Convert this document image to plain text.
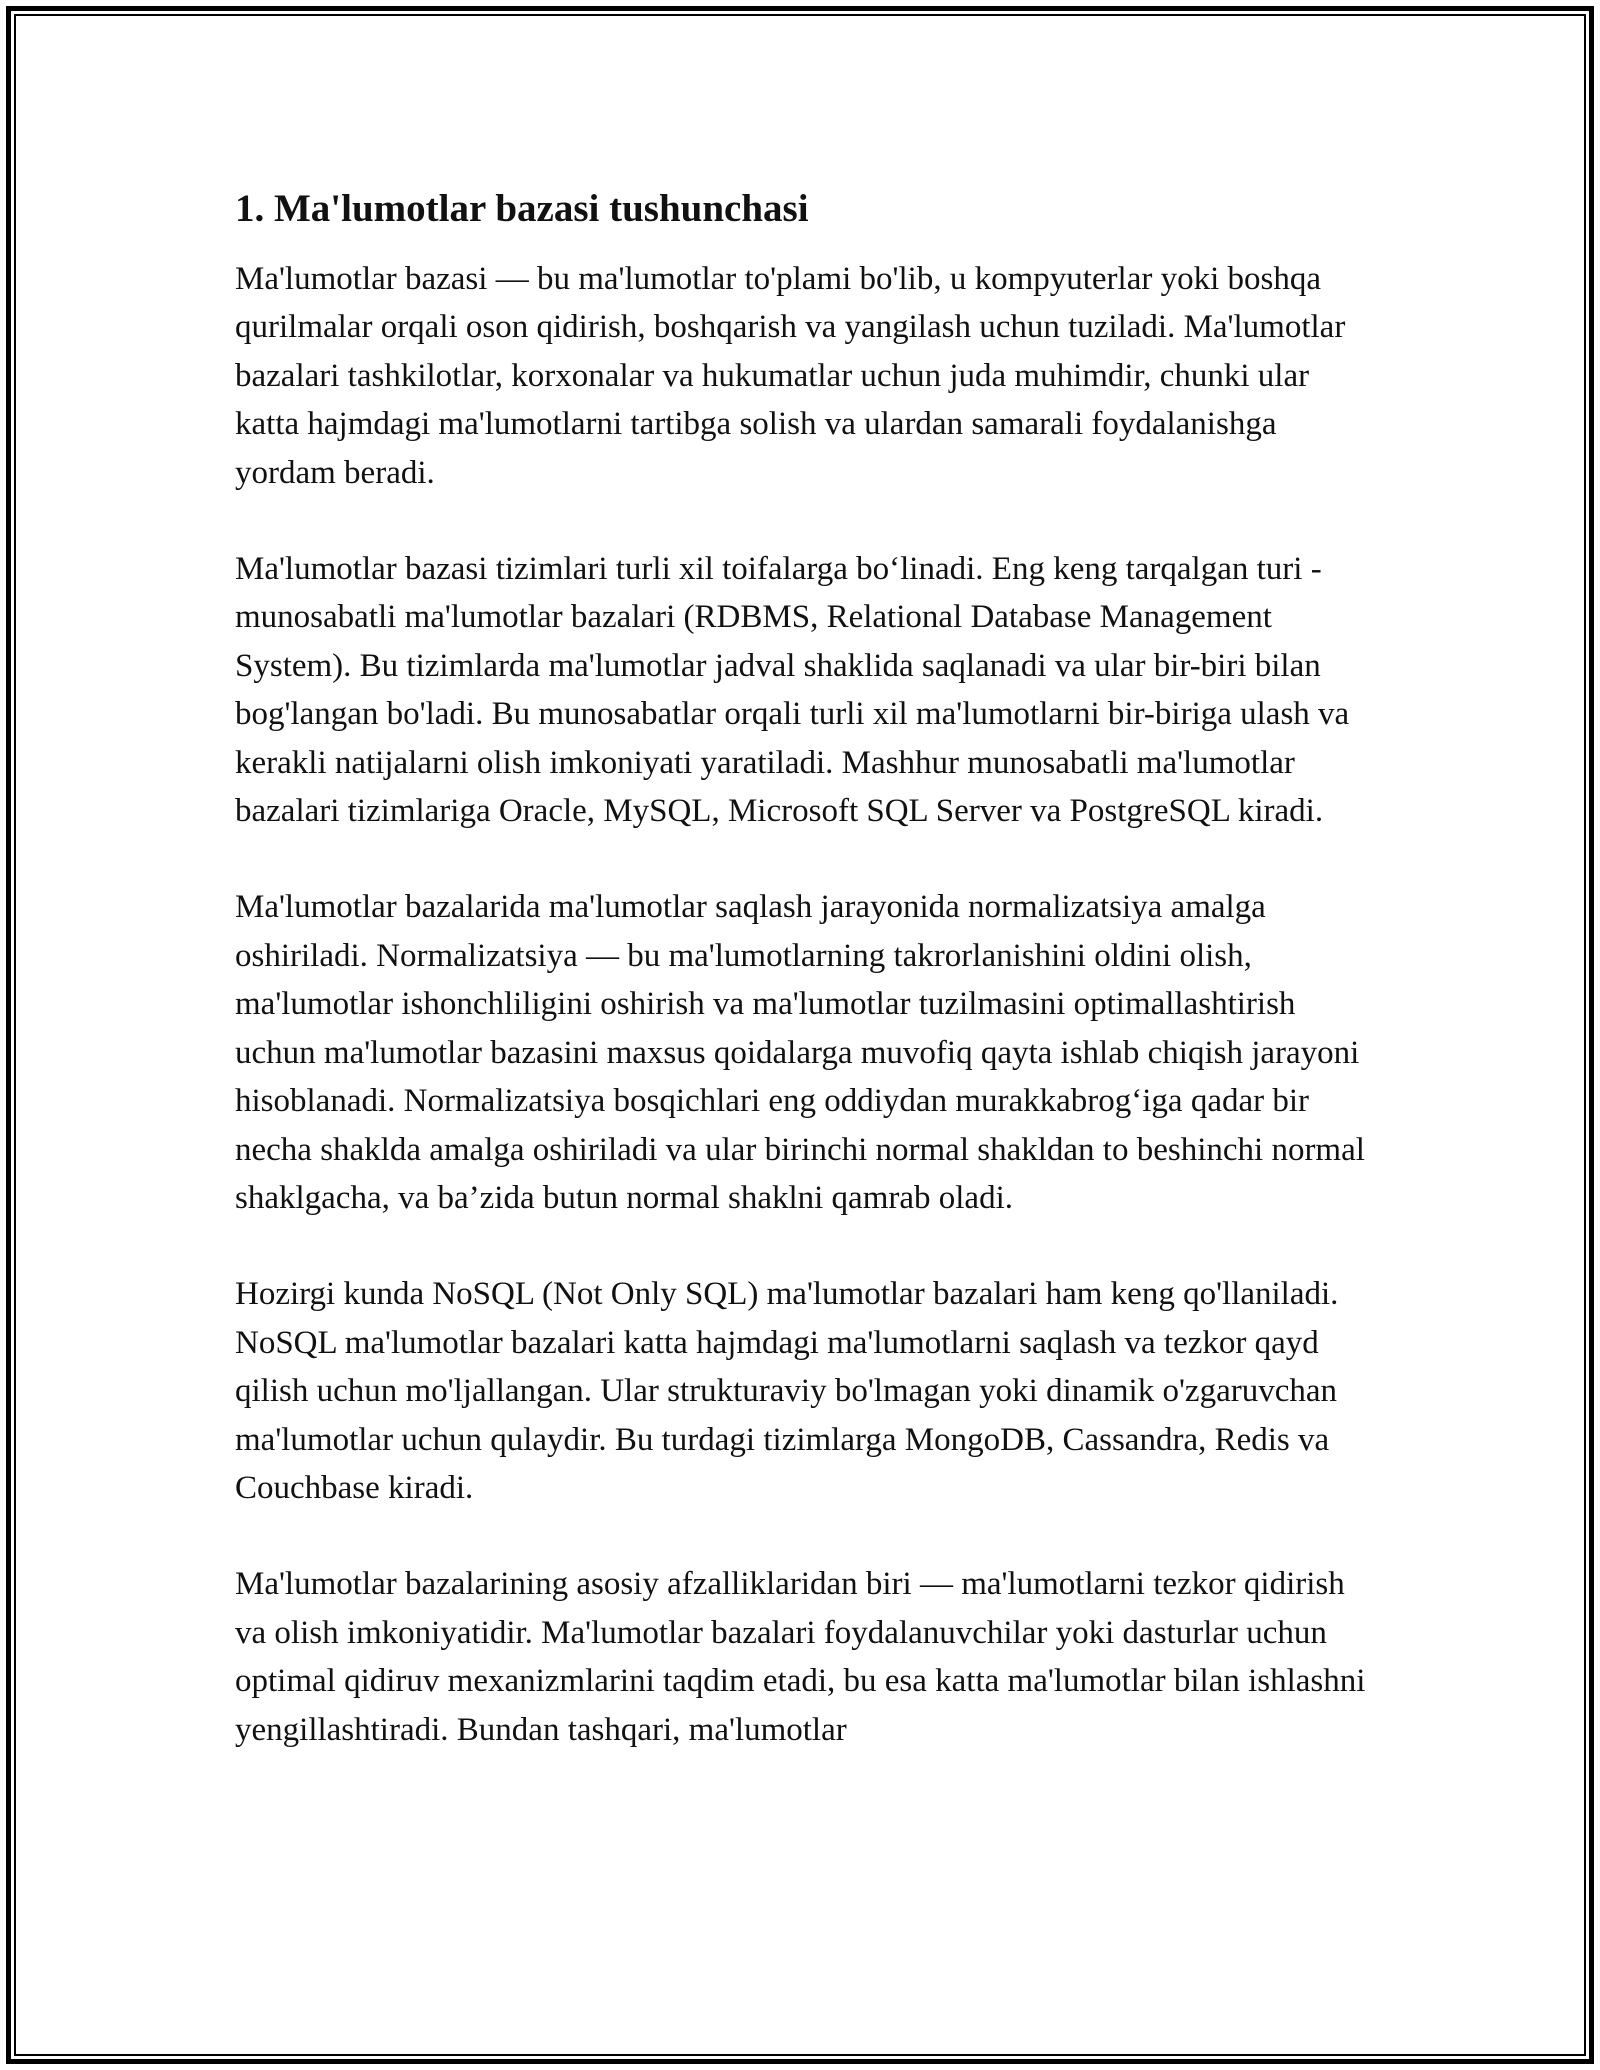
1. Ma'lumotlar bazasi tushunchasi

Ma'lumotlar bazasi — bu ma'lumotlar to'plami bo'lib, u kompyuterlar yoki boshqa qurilmalar orqali oson qidirish, boshqarish va yangilash uchun tuziladi. Ma'lumotlar bazalari tashkilotlar, korxonalar va hukumatlar uchun juda muhimdir, chunki ular katta hajmdagi ma'lumotlarni tartibga solish va ulardan samarali foydalanishga yordam beradi.

Ma'lumotlar bazasi tizimlari turli xil toifalarga bo‘linadi. Eng keng tarqalgan turi - munosabatli ma'lumotlar bazalari (RDBMS, Relational Database Management System). Bu tizimlarda ma'lumotlar jadval shaklida saqlanadi va ular bir-biri bilan bog'langan bo'ladi. Bu munosabatlar orqali turli xil ma'lumotlarni bir-biriga ulash va kerakli natijalarni olish imkoniyati yaratiladi. Mashhur munosabatli ma'lumotlar bazalari tizimlariga Oracle, MySQL, Microsoft SQL Server va PostgreSQL kiradi.

Ma'lumotlar bazalarida ma'lumotlar saqlash jarayonida normalizatsiya amalga oshiriladi. Normalizatsiya — bu ma'lumotlarning takrorlanishini oldini olish, ma'lumotlar ishonchliligini oshirish va ma'lumotlar tuzilmasini optimallashtirish uchun ma'lumotlar bazasini maxsus qoidalarga muvofiq qayta ishlab chiqish jarayoni hisoblanadi. Normalizatsiya bosqichlari eng oddiydan murakkabrog‘iga qadar bir necha shaklda amalga oshiriladi va ular birinchi normal shakldan to beshinchi normal shaklgacha, va ba’zida butun normal shaklni qamrab oladi.

Hozirgi kunda NoSQL (Not Only SQL) ma'lumotlar bazalari ham keng qo'llaniladi. NoSQL ma'lumotlar bazalari katta hajmdagi ma'lumotlarni saqlash va tezkor qayd qilish uchun mo'ljallangan. Ular strukturaviy bo'lmagan yoki dinamik o'zgaruvchan ma'lumotlar uchun qulaydir. Bu turdagi tizimlarga MongoDB, Cassandra, Redis va Couchbase kiradi.

Ma'lumotlar bazalarining asosiy afzalliklaridan biri — ma'lumotlarni tezkor qidirish va olish imkoniyatidir. Ma'lumotlar bazalari foydalanuvchilar yoki dasturlar uchun optimal qidiruv mexanizmlarini taqdim etadi, bu esa katta ma'lumotlar bilan ishlashni yengillashtiradi. Bundan tashqari, ma'lumotlar
